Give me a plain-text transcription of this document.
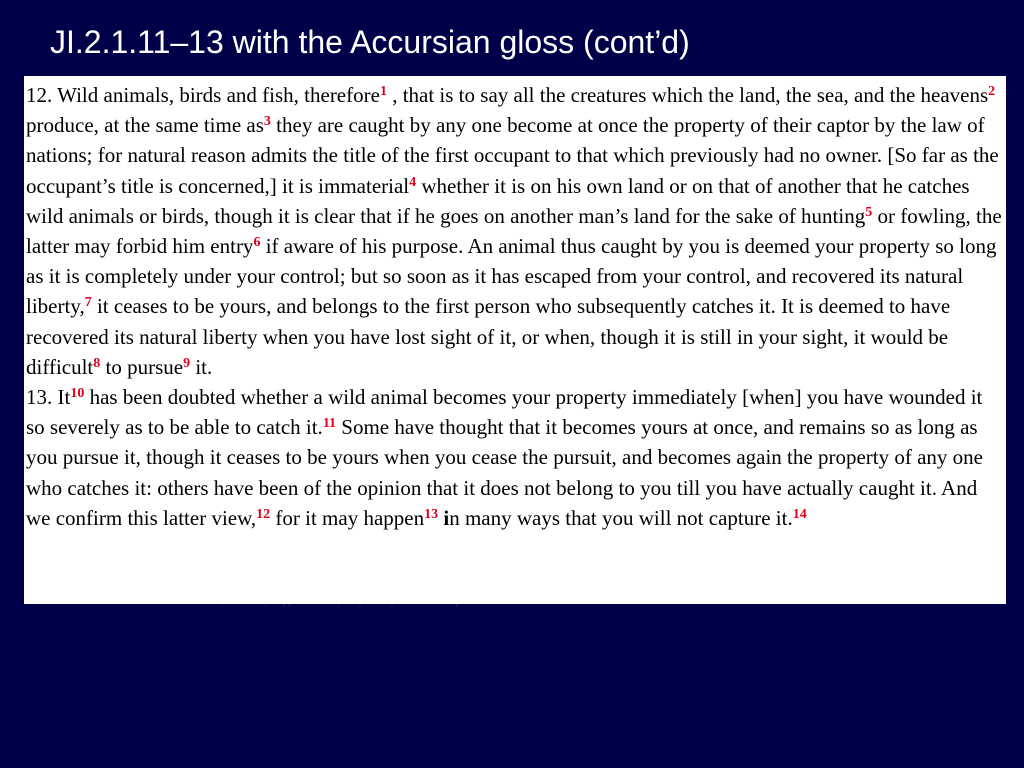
JI.2.1.11–13 with the Accursian gloss (cont’d)

12. Wild animals, birds and fish, therefore$^1$ , that is to say all the creatures which the land, the sea, and the heavens$^2$ produce, at the same time as$^3$ they are caught by any one become at once the property of their captor by the law of nations; for natural reason admits the title of the first occupant to that which previously had no owner. [So far as the occupant’s title is concerned,] it is immaterial$^4$ whether it is on his own land or on that of another that he catches wild animals or birds, though it is clear that if he goes on another man’s land for the sake of hunting$^5$ or fowling, the latter may forbid him entry$^6$ if aware of his purpose. An animal thus caught by you is deemed your property so long as it is completely under your control; but so soon as it has escaped from your control, and recovered its natural liberty,$^7$ it ceases to be yours, and belongs to the first person who subsequently catches it. It is deemed to have recovered its natural liberty when you have lost sight of it, or when, though it is still in your sight, it would be difficult$^8$ to pursue$^9$ it.

13. It$^{10}$ has been doubted whether a wild animal becomes your property immediately [when] you have wounded it so severely as to be able to catch it.$^{11}$ Some have thought that it becomes yours at once, and remains so as long as you pursue it, though it ceases to be yours when you cease the pursuit, and becomes again the property of any one who catches it: others have been of the opinion that it does not belong to you till you have actually caught it. And we confirm this latter view,$^{12}$ for it may happen$^{13}$ in many ways that you will not capture it.$^{14}$
